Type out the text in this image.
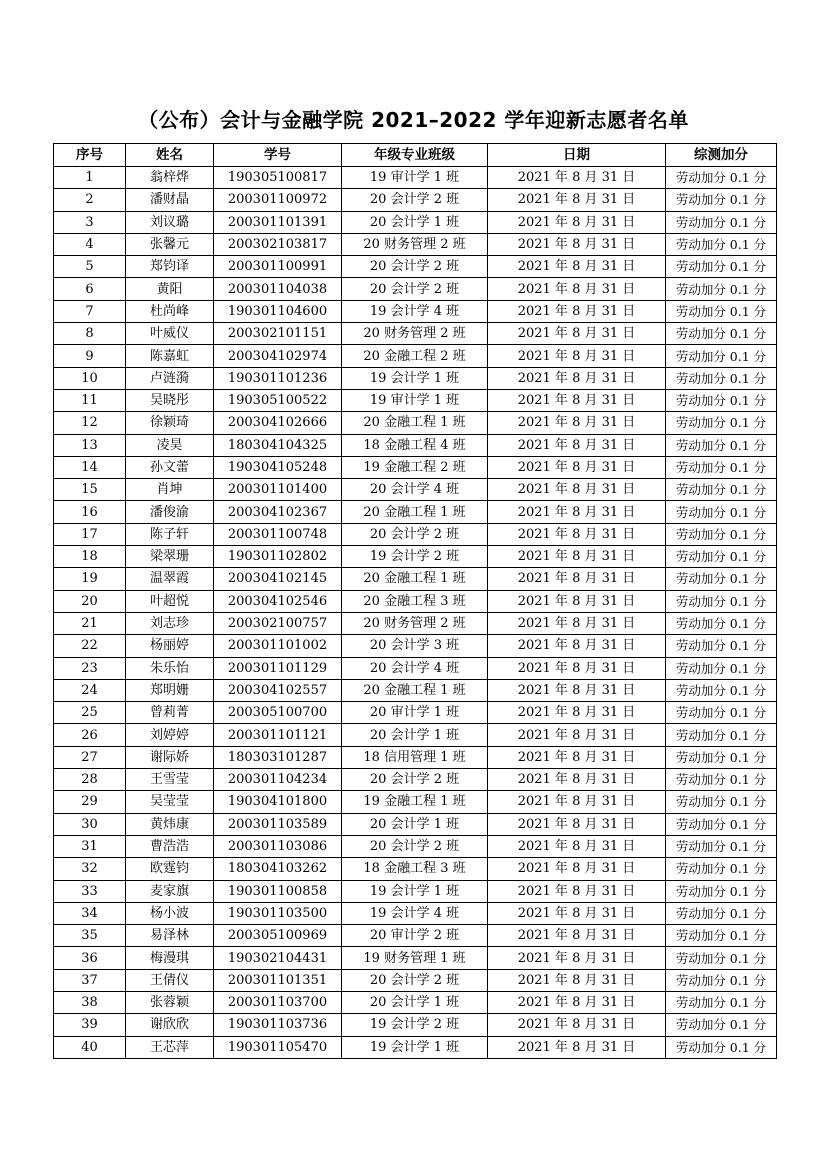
（公布）会计与金融学院 2021–2022 学年迎新志愿者名单
序号	姓名	学号	年级专业班级	日期	综测加分
1	翁梓烨	190305100817	19 审计学 1 班	2021 年 8 月 31 日	劳动加分 0.1 分
2	潘财晶	200301100972	20 会计学 2 班	2021 年 8 月 31 日	劳动加分 0.1 分
3	刘议璐	200301101391	20 会计学 1 班	2021 年 8 月 31 日	劳动加分 0.1 分
4	张馨元	200302103817	20 财务管理 2 班	2021 年 8 月 31 日	劳动加分 0.1 分
5	郑钧译	200301100991	20 会计学 2 班	2021 年 8 月 31 日	劳动加分 0.1 分
6	黄阳	200301104038	20 会计学 2 班	2021 年 8 月 31 日	劳动加分 0.1 分
7	杜尚峰	190301104600	19 会计学 4 班	2021 年 8 月 31 日	劳动加分 0.1 分
8	叶威仪	200302101151	20 财务管理 2 班	2021 年 8 月 31 日	劳动加分 0.1 分
9	陈嘉虹	200304102974	20 金融工程 2 班	2021 年 8 月 31 日	劳动加分 0.1 分
10	卢涟漪	190301101236	19 会计学 1 班	2021 年 8 月 31 日	劳动加分 0.1 分
11	吴晓彤	190305100522	19 审计学 1 班	2021 年 8 月 31 日	劳动加分 0.1 分
12	徐颖琦	200304102666	20 金融工程 1 班	2021 年 8 月 31 日	劳动加分 0.1 分
13	凌昊	180304104325	18 金融工程 4 班	2021 年 8 月 31 日	劳动加分 0.1 分
14	孙文蕾	190304105248	19 金融工程 2 班	2021 年 8 月 31 日	劳动加分 0.1 分
15	肖坤	200301101400	20 会计学 4 班	2021 年 8 月 31 日	劳动加分 0.1 分
16	潘俊渝	200304102367	20 金融工程 1 班	2021 年 8 月 31 日	劳动加分 0.1 分
17	陈子轩	200301100748	20 会计学 2 班	2021 年 8 月 31 日	劳动加分 0.1 分
18	梁翠珊	190301102802	19 会计学 2 班	2021 年 8 月 31 日	劳动加分 0.1 分
19	温翠霞	200304102145	20 金融工程 1 班	2021 年 8 月 31 日	劳动加分 0.1 分
20	叶超悦	200304102546	20 金融工程 3 班	2021 年 8 月 31 日	劳动加分 0.1 分
21	刘志珍	200302100757	20 财务管理 2 班	2021 年 8 月 31 日	劳动加分 0.1 分
22	杨丽婷	200301101002	20 会计学 3 班	2021 年 8 月 31 日	劳动加分 0.1 分
23	朱乐怡	200301101129	20 会计学 4 班	2021 年 8 月 31 日	劳动加分 0.1 分
24	郑明姗	200304102557	20 金融工程 1 班	2021 年 8 月 31 日	劳动加分 0.1 分
25	曾莉菁	200305100700	20 审计学 1 班	2021 年 8 月 31 日	劳动加分 0.1 分
26	刘婷婷	200301101121	20 会计学 1 班	2021 年 8 月 31 日	劳动加分 0.1 分
27	谢际娇	180303101287	18 信用管理 1 班	2021 年 8 月 31 日	劳动加分 0.1 分
28	王雪莹	200301104234	20 会计学 2 班	2021 年 8 月 31 日	劳动加分 0.1 分
29	吴莹莹	190304101800	19 金融工程 1 班	2021 年 8 月 31 日	劳动加分 0.1 分
30	黄炜康	200301103589	20 会计学 1 班	2021 年 8 月 31 日	劳动加分 0.1 分
31	曹浩浩	200301103086	20 会计学 2 班	2021 年 8 月 31 日	劳动加分 0.1 分
32	欧霆钧	180304103262	18 金融工程 3 班	2021 年 8 月 31 日	劳动加分 0.1 分
33	麦家旗	190301100858	19 会计学 1 班	2021 年 8 月 31 日	劳动加分 0.1 分
34	杨小波	190301103500	19 会计学 4 班	2021 年 8 月 31 日	劳动加分 0.1 分
35	易泽林	200305100969	20 审计学 2 班	2021 年 8 月 31 日	劳动加分 0.1 分
36	梅漫琪	190302104431	19 财务管理 1 班	2021 年 8 月 31 日	劳动加分 0.1 分
37	王倩仪	200301101351	20 会计学 2 班	2021 年 8 月 31 日	劳动加分 0.1 分
38	张蓉颖	200301103700	20 会计学 1 班	2021 年 8 月 31 日	劳动加分 0.1 分
39	谢欣欣	190301103736	19 会计学 2 班	2021 年 8 月 31 日	劳动加分 0.1 分
40	王芯萍	190301105470	19 会计学 1 班	2021 年 8 月 31 日	劳动加分 0.1 分
